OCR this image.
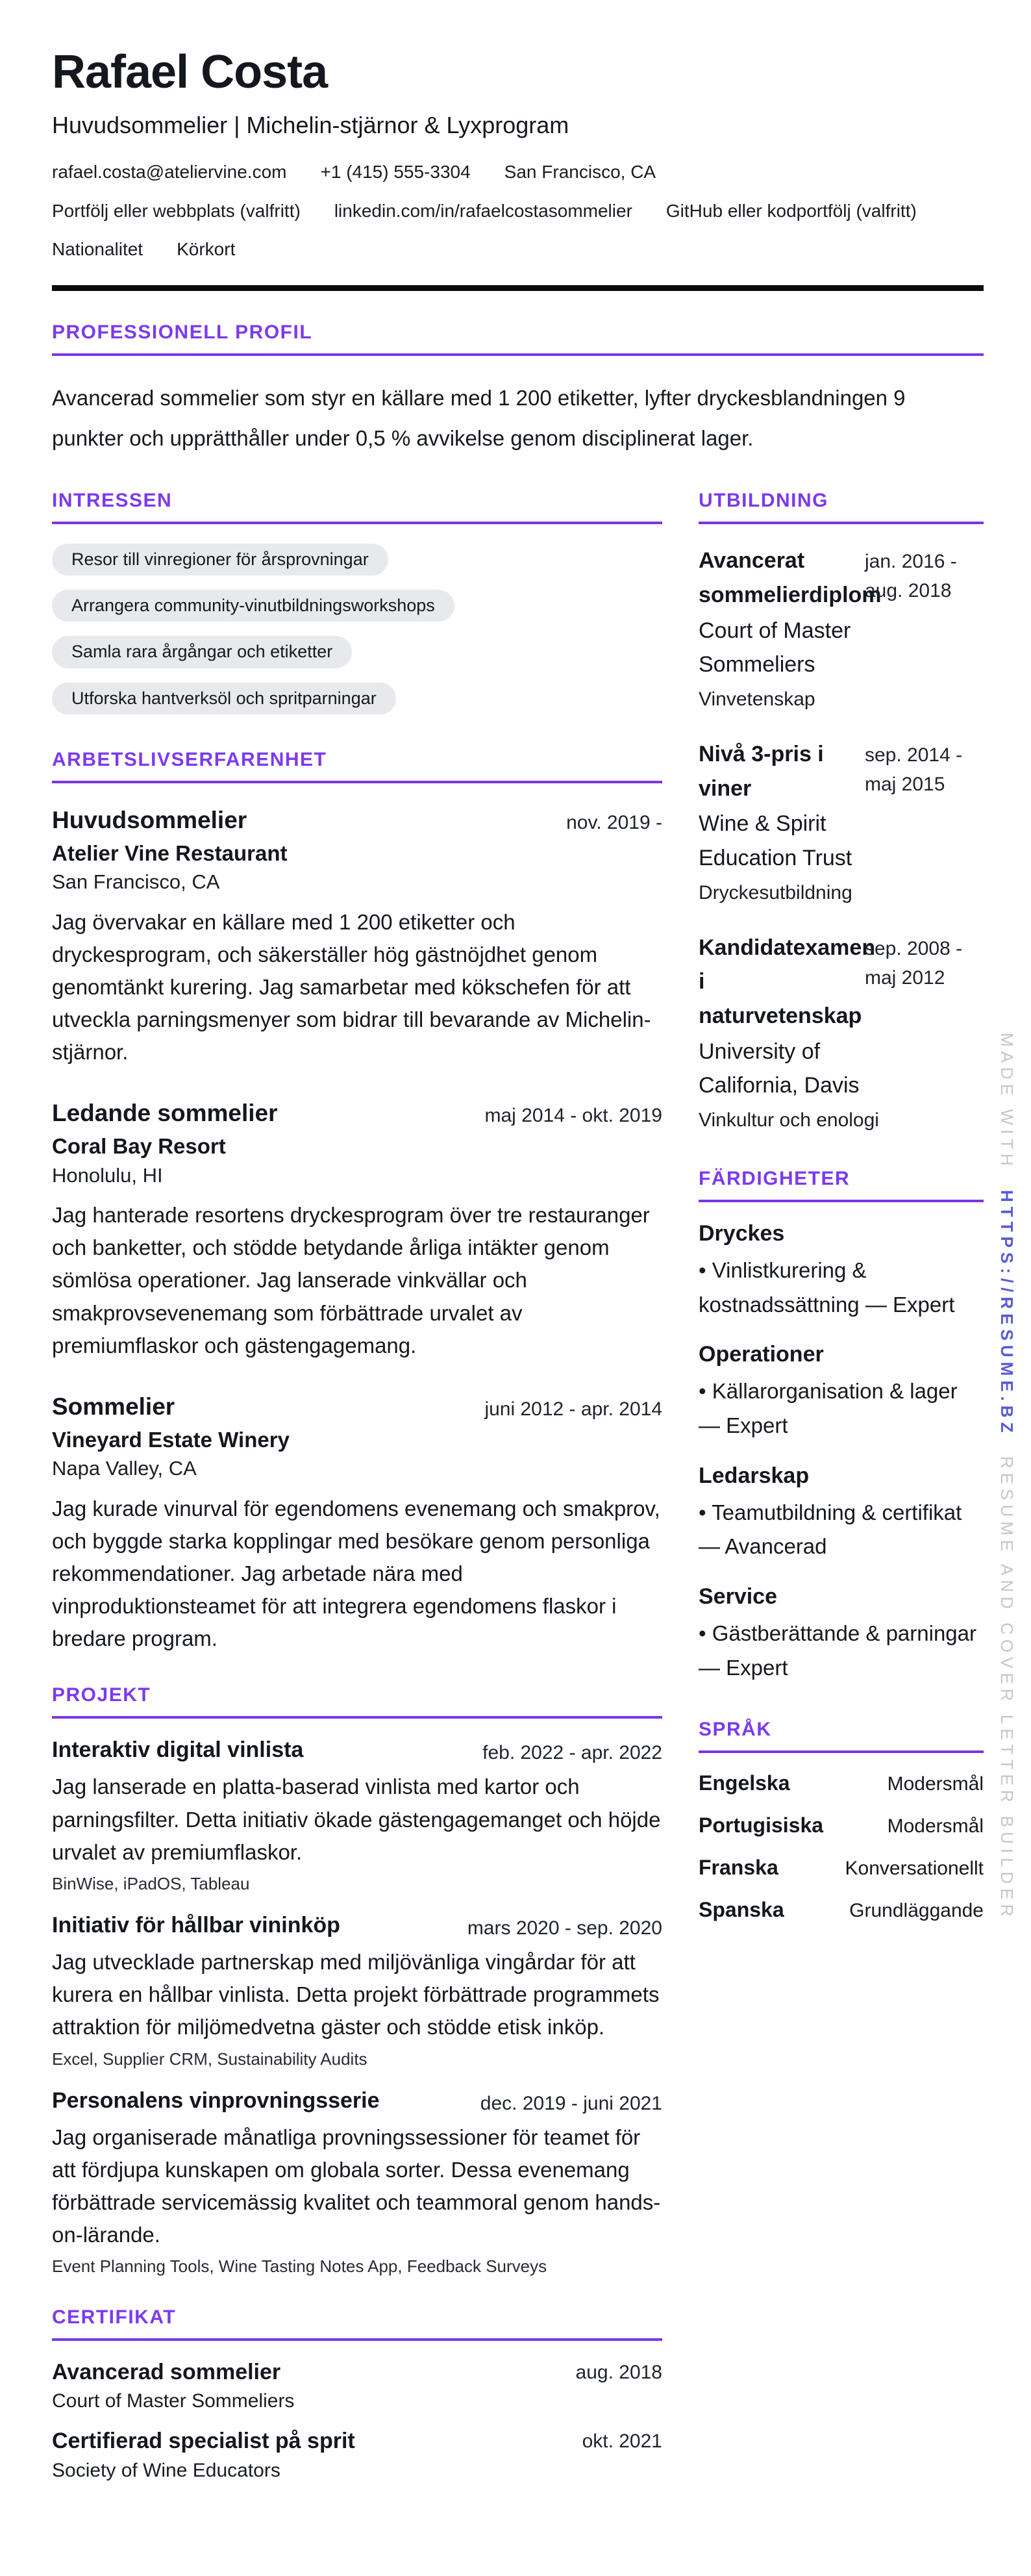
Rafael Costa
Huvudsommelier | Michelin-stjärnor & Lyxprogram
rafael.costa@ateliervine.com +1 (415) 555-3304 San Francisco, CA
Portfölj eller webbplats (valfritt) linkedin.com/in/rafaelcostasommelier GitHub eller kodportfölj (valfritt)
Nationalitet Körkort
PROFESSIONELL PROFIL

Avancerad sommelier som styr en källare med 1 200 etiketter, lyfter dryckesblandningen 9 punkter och upprätthåller under 0,5 % avvikelse genom disciplinerat lager.

INTRESSEN
Resor till vinregioner för årsprovningar
Arrangera community-vinutbildningsworkshops
Samla rara årgångar och etiketter
Utforska hantverksöl och spritparningar
ARBETSLIVSERFARENHET
Huvudsommelier	nov. 2019 -
Atelier Vine Restaurant
San Francisco, CA

Jag övervakar en källare med 1 200 etiketter och dryckesprogram, och säkerställer hög gästnöjdhet genom genomtänkt kurering. Jag samarbetar med kökschefen för att utveckla parningsmenyer som bidrar till bevarande av Michelin-stjärnor.

Ledande sommelier	maj 2014 - okt. 2019
Coral Bay Resort
Honolulu, HI

Jag hanterade resortens dryckesprogram över tre restauranger och banketter, och stödde betydande årliga intäkter genom sömlösa operationer. Jag lanserade vinkvällar och smakprovsevenemang som förbättrade urvalet av premiumflaskor och gästengagemang.

Sommelier	juni 2012 - apr. 2014
Vineyard Estate Winery
Napa Valley, CA

Jag kurade vinurval för egendomens evenemang och smakprov, och byggde starka kopplingar med besökare genom personliga rekommendationer. Jag arbetade nära med vinproduktionsteamet för att integrera egendomens flaskor i bredare program.

PROJEKT
Interaktiv digital vinlista	feb. 2022 - apr. 2022

Jag lanserade en platta-baserad vinlista med kartor och parningsfilter. Detta initiativ ökade gästengagemanget och höjde urvalet av premiumflaskor.

BinWise, iPadOS, Tableau
Initiativ för hållbar vininköp	mars 2020 - sep. 2020

Jag utvecklade partnerskap med miljövänliga vingårdar för att kurera en hållbar vinlista. Detta projekt förbättrade programmets attraktion för miljömedvetna gäster och stödde etisk inköp.

Excel, Supplier CRM, Sustainability Audits
Personalens vinprovningsserie	dec. 2019 - juni 2021

Jag organiserade månatliga provningssessioner för teamet för att fördjupa kunskapen om globala sorter. Dessa evenemang förbättrade servicemässig kvalitet och teammoral genom hands-on-lärande.

Event Planning Tools, Wine Tasting Notes App, Feedback Surveys
CERTIFIKAT
Avancerad sommelier	aug. 2018
Court of Master Sommeliers
Certifierad specialist på sprit	okt. 2021
Society of Wine Educators
UTBILDNING
Avancerat sommelierdiplom
jan. 2016 - aug. 2018
Court of Master Sommeliers
Vinvetenskap
Nivå 3-pris i viner
sep. 2014 - maj 2015
Wine & Spirit Education Trust
Dryckesutbildning
Kandidatexamen i naturvetenskap
sep. 2008 - maj 2012
University of California, Davis
Vinkultur och enologi
FÄRDIGHETER
Dryckes
• Vinlistkurering & kostnadssättning — Expert
Operationer
• Källarorganisation & lager — Expert
Ledarskap
• Teamutbildning & certifikat — Avancerad
Service
• Gästberättande & parningar — Expert
SPRÅK
Engelska	Modersmål
Portugisiska	Modersmål
Franska	Konversationellt
Spanska	Grundläggande
MADE WITH
HTTPS://RESUME.BZ
RESUME AND COVER LETTER BUILDER
